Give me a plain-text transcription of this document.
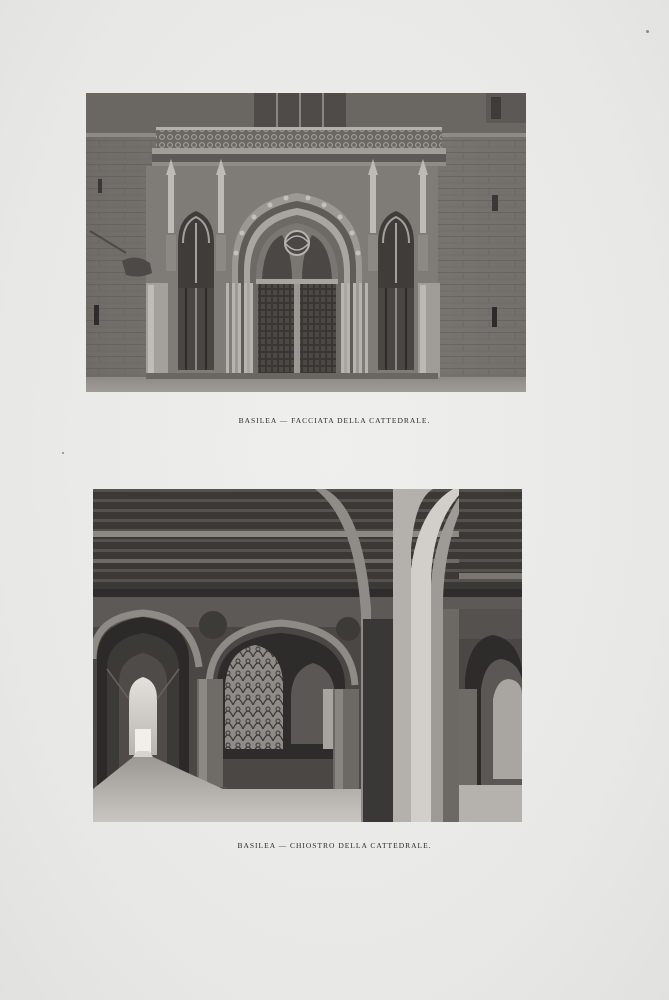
BASILEA — FACCIATA DELLA CATTEDRALE.
BASILEA — CHIOSTRO DELLA CATTEDRALE.
